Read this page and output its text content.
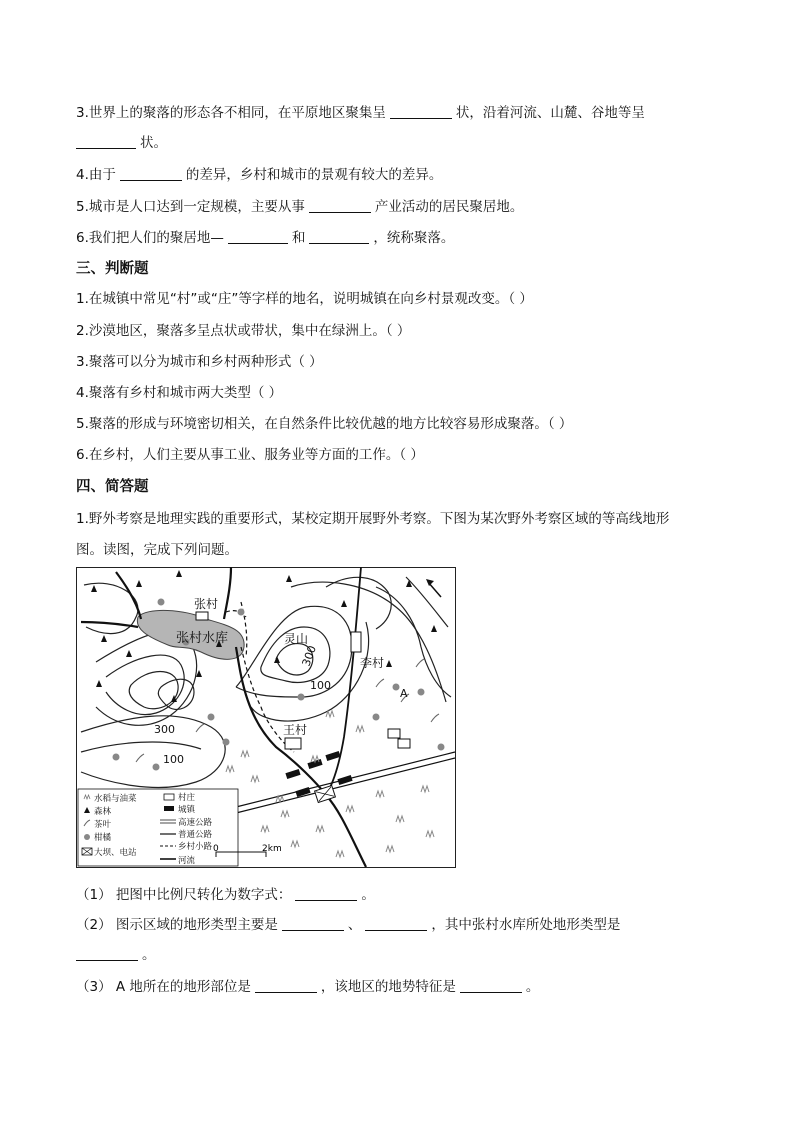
3.世界上的聚落的形态各不相同，在平原地区聚集呈	状，沿着河流、山麓、谷地等呈
状。
4.由于	的差异，乡村和城市的景观有较大的差异。
5.城市是人口达到一定规模，主要从事	产业活动的居民聚居地。
6.我们把人们的聚居地—	和	，统称聚落。
三、判断题
1.在城镇中常见“村”或“庄”等字样的地名，说明城镇在向乡村景观改变。（ ）
2.沙漠地区，聚落多呈点状或带状，集中在绿洲上。（ ）
3.聚落可以分为城市和乡村两种形式（ ）
4.聚落有乡村和城市两大类型（ ）
5.聚落的形成与环境密切相关，在自然条件比较优越的地方比较容易形成聚落。（ ）
6.在乡村，人们主要从事工业、服务业等方面的工作。（ ）
四、简答题
1.野外考察是地理实践的重要形式，某校定期开展野外考察。下图为某次野外考察区域的等高线地形
图。读图，完成下列问题。
张村
张村水库	灵山
李村
王村
A
300
100
300
100
水稻与油菜
森林
茶叶
柑橘
大坝、电站
村庄
城镇
高速公路
普通公路
乡村小路
河流
0	2km
（1） 把图中比例尺转化为数字式：	。
（2） 图示区域的地形类型主要是	、	，其中张村水库所处地形类型是
。
（3） A 地所在的地形部位是	，该地区的地势特征是	。
